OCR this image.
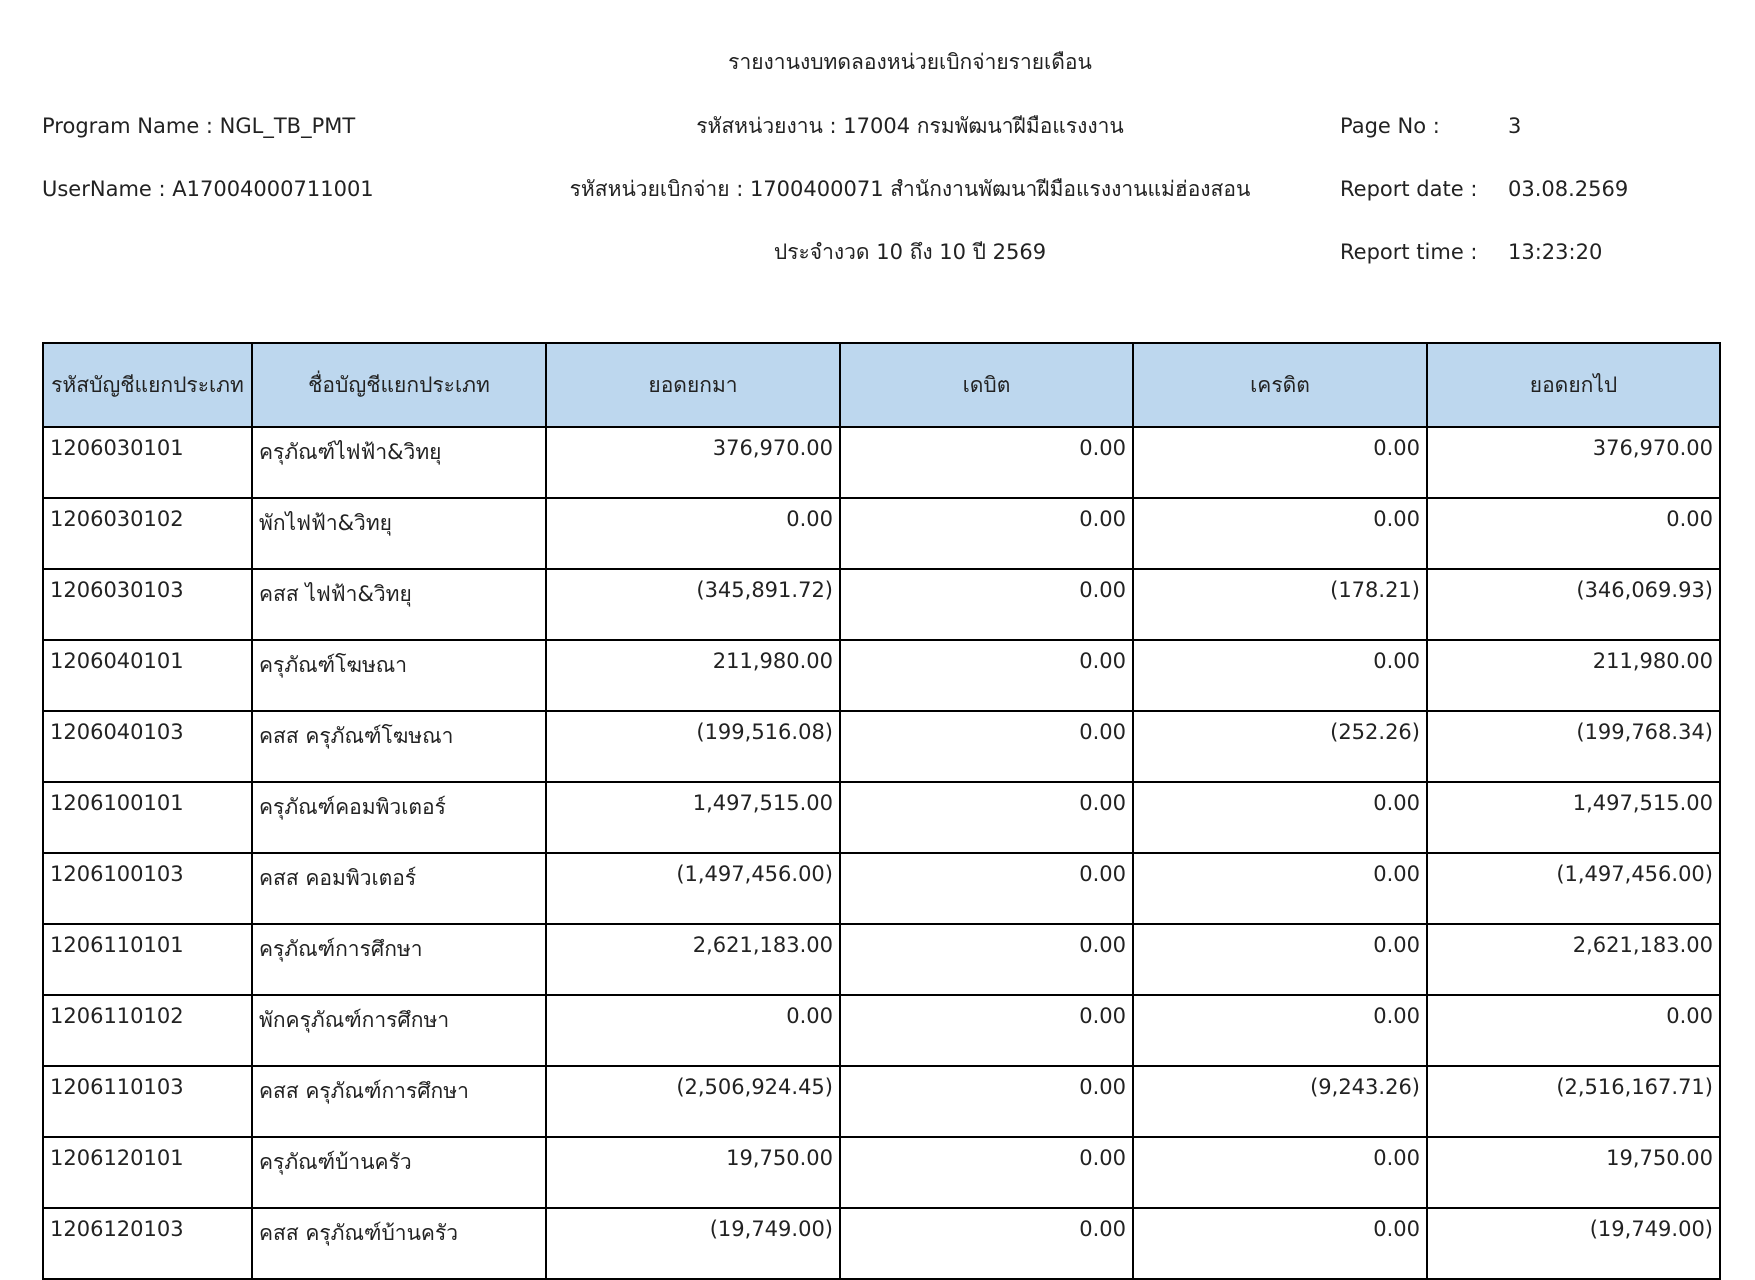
รายงานงบทดลองหน่วยเบิกจ่ายรายเดือน
Program Name : NGL_TB_PMT	รหัสหน่วยงาน : 17004 กรมพัฒนาฝีมือแรงงาน	Page No :	3
UserName : A17004000711001	รหัสหน่วยเบิกจ่าย : 1700400071 สำนักงานพัฒนาฝีมือแรงงานแม่ฮ่องสอน	Report date : 03.08.2569
ประจำงวด 10 ถึง 10 ปี 2569	Report time : 13:23:20
รหัสบัญชีแยกประเภท	ชื่อบัญชีแยกประเภท	ยอดยกมา	เดบิต	เครดิต	ยอดยกไป
1206030101	ครุภัณฑ์ไฟฟ้า&วิทยุ	376,970.00	0.00	0.00	376,970.00
1206030102	พักไฟฟ้า&วิทยุ	0.00	0.00	0.00	0.00
1206030103	คสส ไฟฟ้า&วิทยุ	(345,891.72)	0.00	(178.21)	(346,069.93)
1206040101	ครุภัณฑ์โฆษณา	211,980.00	0.00	0.00	211,980.00
1206040103	คสส ครุภัณฑ์โฆษณา	(199,516.08)	0.00	(252.26)	(199,768.34)
1206100101	ครุภัณฑ์คอมพิวเตอร์	1,497,515.00	0.00	0.00	1,497,515.00
1206100103	คสส คอมพิวเตอร์	(1,497,456.00)	0.00	0.00	(1,497,456.00)
1206110101	ครุภัณฑ์การศึกษา	2,621,183.00	0.00	0.00	2,621,183.00
1206110102	พักครุภัณฑ์การศึกษา	0.00	0.00	0.00	0.00
1206110103	คสส ครุภัณฑ์การศึกษา	(2,506,924.45)	0.00	(9,243.26)	(2,516,167.71)
1206120101	ครุภัณฑ์บ้านครัว	19,750.00	0.00	0.00	19,750.00
1206120103	คสส ครุภัณฑ์บ้านครัว	(19,749.00)	0.00	0.00	(19,749.00)
